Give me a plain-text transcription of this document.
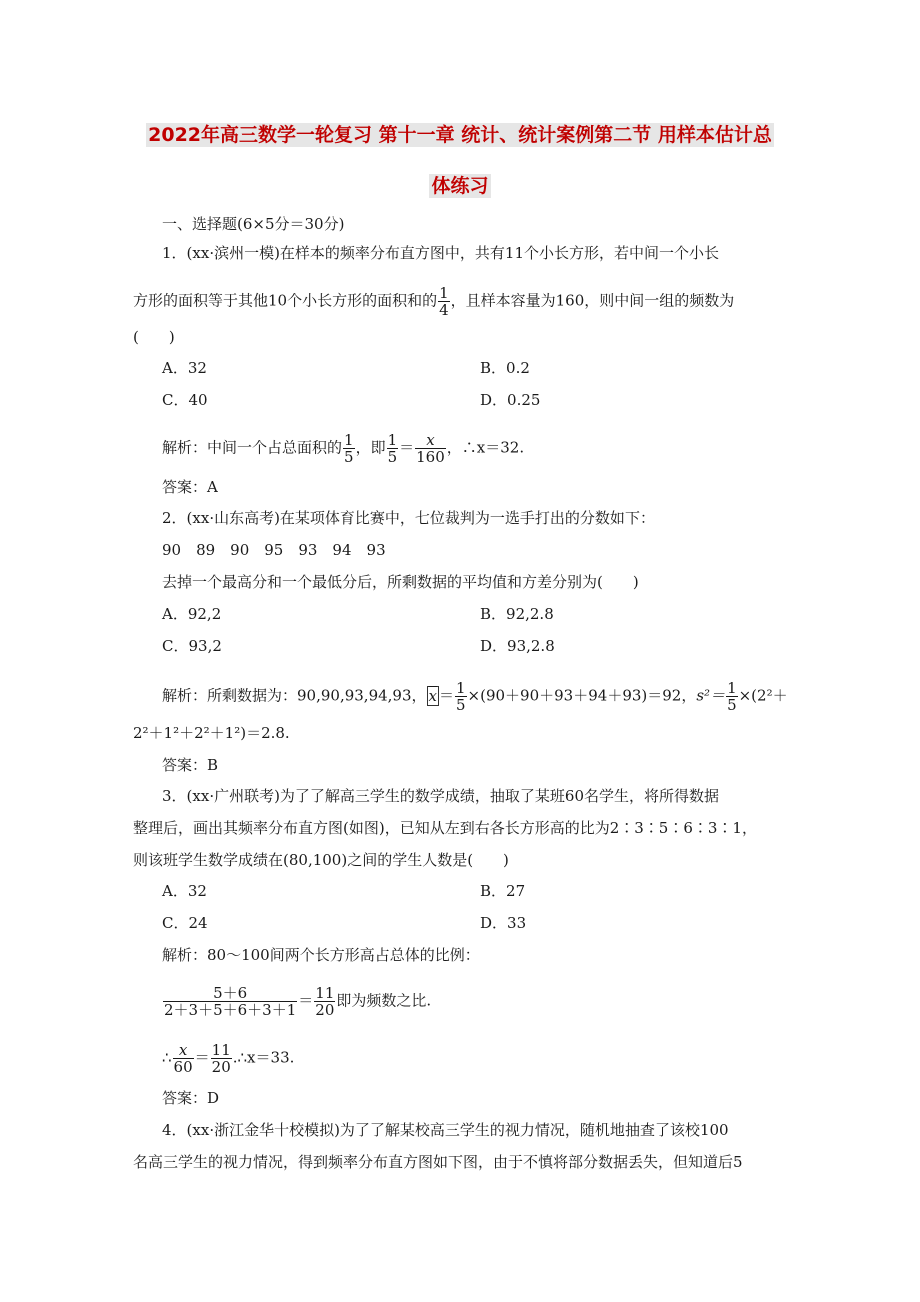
2022年高三数学一轮复习 第十一章 统计、统计案例第二节 用样本估计总
体练习
一、选择题(6×5分＝30分)
1．(xx·滨州一模)在样本的频率分布直方图中，共有11个小长方形，若中间一个小长
方形的面积等于其他10个小长方形的面积和的 $\frac{1}{4}$ ，且样本容量为160，则中间一组的频数为
(　　)
A．32	B．0.2
C．40	D．0.25
解析：中间一个占总面积的 $\frac{1}{5}$ ，即 $\frac{1}{5} = \frac{x}{160}$ ，∴x＝32.
答案：A
2．(xx·山东高考)在某项体育比赛中，七位裁判为一选手打出的分数如下：
90　89　90　95　93　94　93
去掉一个最高分和一个最低分后，所剩数据的平均值和方差分别为(　　)
A．92,2	B．92,2.8
C．93,2	D．93,2.8
解析：所剩数据为：90,90,93,94,93， $\overline{x} = \frac{1}{5} \times(90+90+93+94+93)=92$，$s^2= \frac{1}{5} \times(2^2+$
2²＋1²＋2²＋1²)＝2.8.
答案：B
3．(xx·广州联考)为了了解高三学生的数学成绩，抽取了某班60名学生，将所得数据
整理后，画出其频率分布直方图(如图)，已知从左到右各长方形高的比为2∶3∶5∶6∶3∶1，
则该班学生数学成绩在(80,100)之间的学生人数是(　　)
A．32	B．27
C．24	D．33
解析：80～100间两个长方形高占总体的比例：
$\frac{5+6}{2+3+5+6+3+1} = \frac{11}{20}$ 即为频数之比.
∴ $\frac{x}{60} = \frac{11}{20}$ .∴x＝33.
答案：D
4．(xx·浙江金华十校模拟)为了了解某校高三学生的视力情况，随机地抽查了该校100
名高三学生的视力情况，得到频率分布直方图如下图，由于不慎将部分数据丢失，但知道后5
